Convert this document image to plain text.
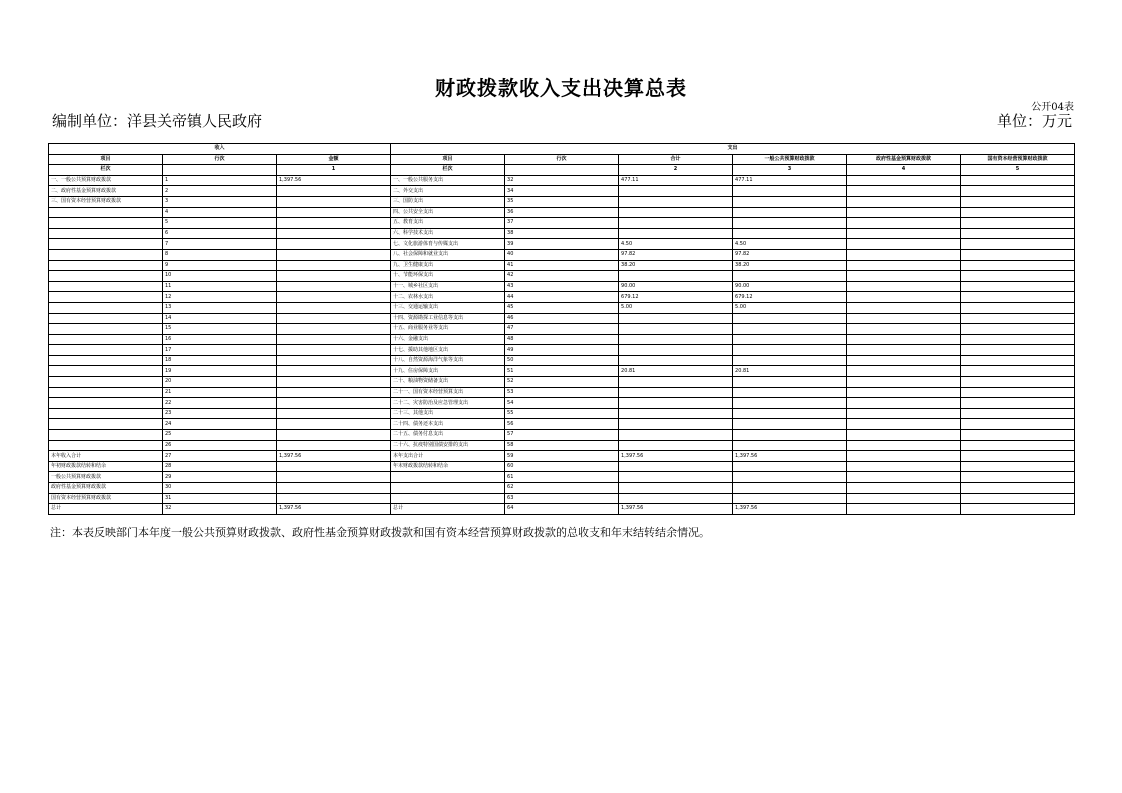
财政拨款收入支出决算总表
公开04表
编制单位：洋县关帝镇人民政府	单位：万元
收入			支出					
项目	行次	金额	项目	行次	合计	一般公共预算财政拨款	政府性基金预算财政拨款	国有资本经营预算财政拨款
栏次		1	栏次		2	3	4	5
一、一般公共预算财政拨款	1	1,397.56	一、一般公共服务支出	32	477.11	477.11		
二、政府性基金预算财政拨款	2		二、外交支出	34				
三、国有资本经营预算财政拨款	3		三、国防支出	35				
	4		四、公共安全支出	36				
	5		五、教育支出	37				
	6		六、科学技术支出	38				
	7		七、文化旅游体育与传媒支出	39	4.50	4.50		
	8		八、社会保障和就业支出	40	97.82	97.82		
	9		九、卫生健康支出	41	38.20	38.20		
	10		十、节能环保支出	42				
	11		十一、城乡社区支出	43	90.00	90.00		
	12		十二、农林水支出	44	679.12	679.12		
	13		十三、交通运输支出	45	5.00	5.00		
	14		十四、资源勘探工业信息等支出	46				
	15		十五、商业服务业等支出	47				
	16		十六、金融支出	48				
	17		十七、援助其他地区支出	49				
	18		十八、自然资源海洋气象等支出	50				
	19		十九、住房保障支出	51	20.81	20.81		
	20		二十、粮油物资储备支出	52				
	21		二十一、国有资本经营预算支出	53				
	22		二十二、灾害防治及应急管理支出	54				
	23		二十三、其他支出	55				
	24		二十四、债务还本支出	56				
	25		二十五、债务付息支出	57				
	26		二十六、抗疫特别国债安排的支出	58				
本年收入合计	27	1,397.56	本年支出合计	59	1,397.56	1,397.56		
年初财政拨款结转和结余	28		年末财政拨款结转和结余	60				
一般公共预算财政拨款	29			61				
政府性基金预算财政拨款	30			62				
国有资本经营预算财政拨款	31			63				
总计	32	1,397.56	总计	64	1,397.56	1,397.56		
注：本表反映部门本年度一般公共预算财政拨款、政府性基金预算财政拨款和国有资本经营预算财政拨款的总收支和年末结转结余情况。
